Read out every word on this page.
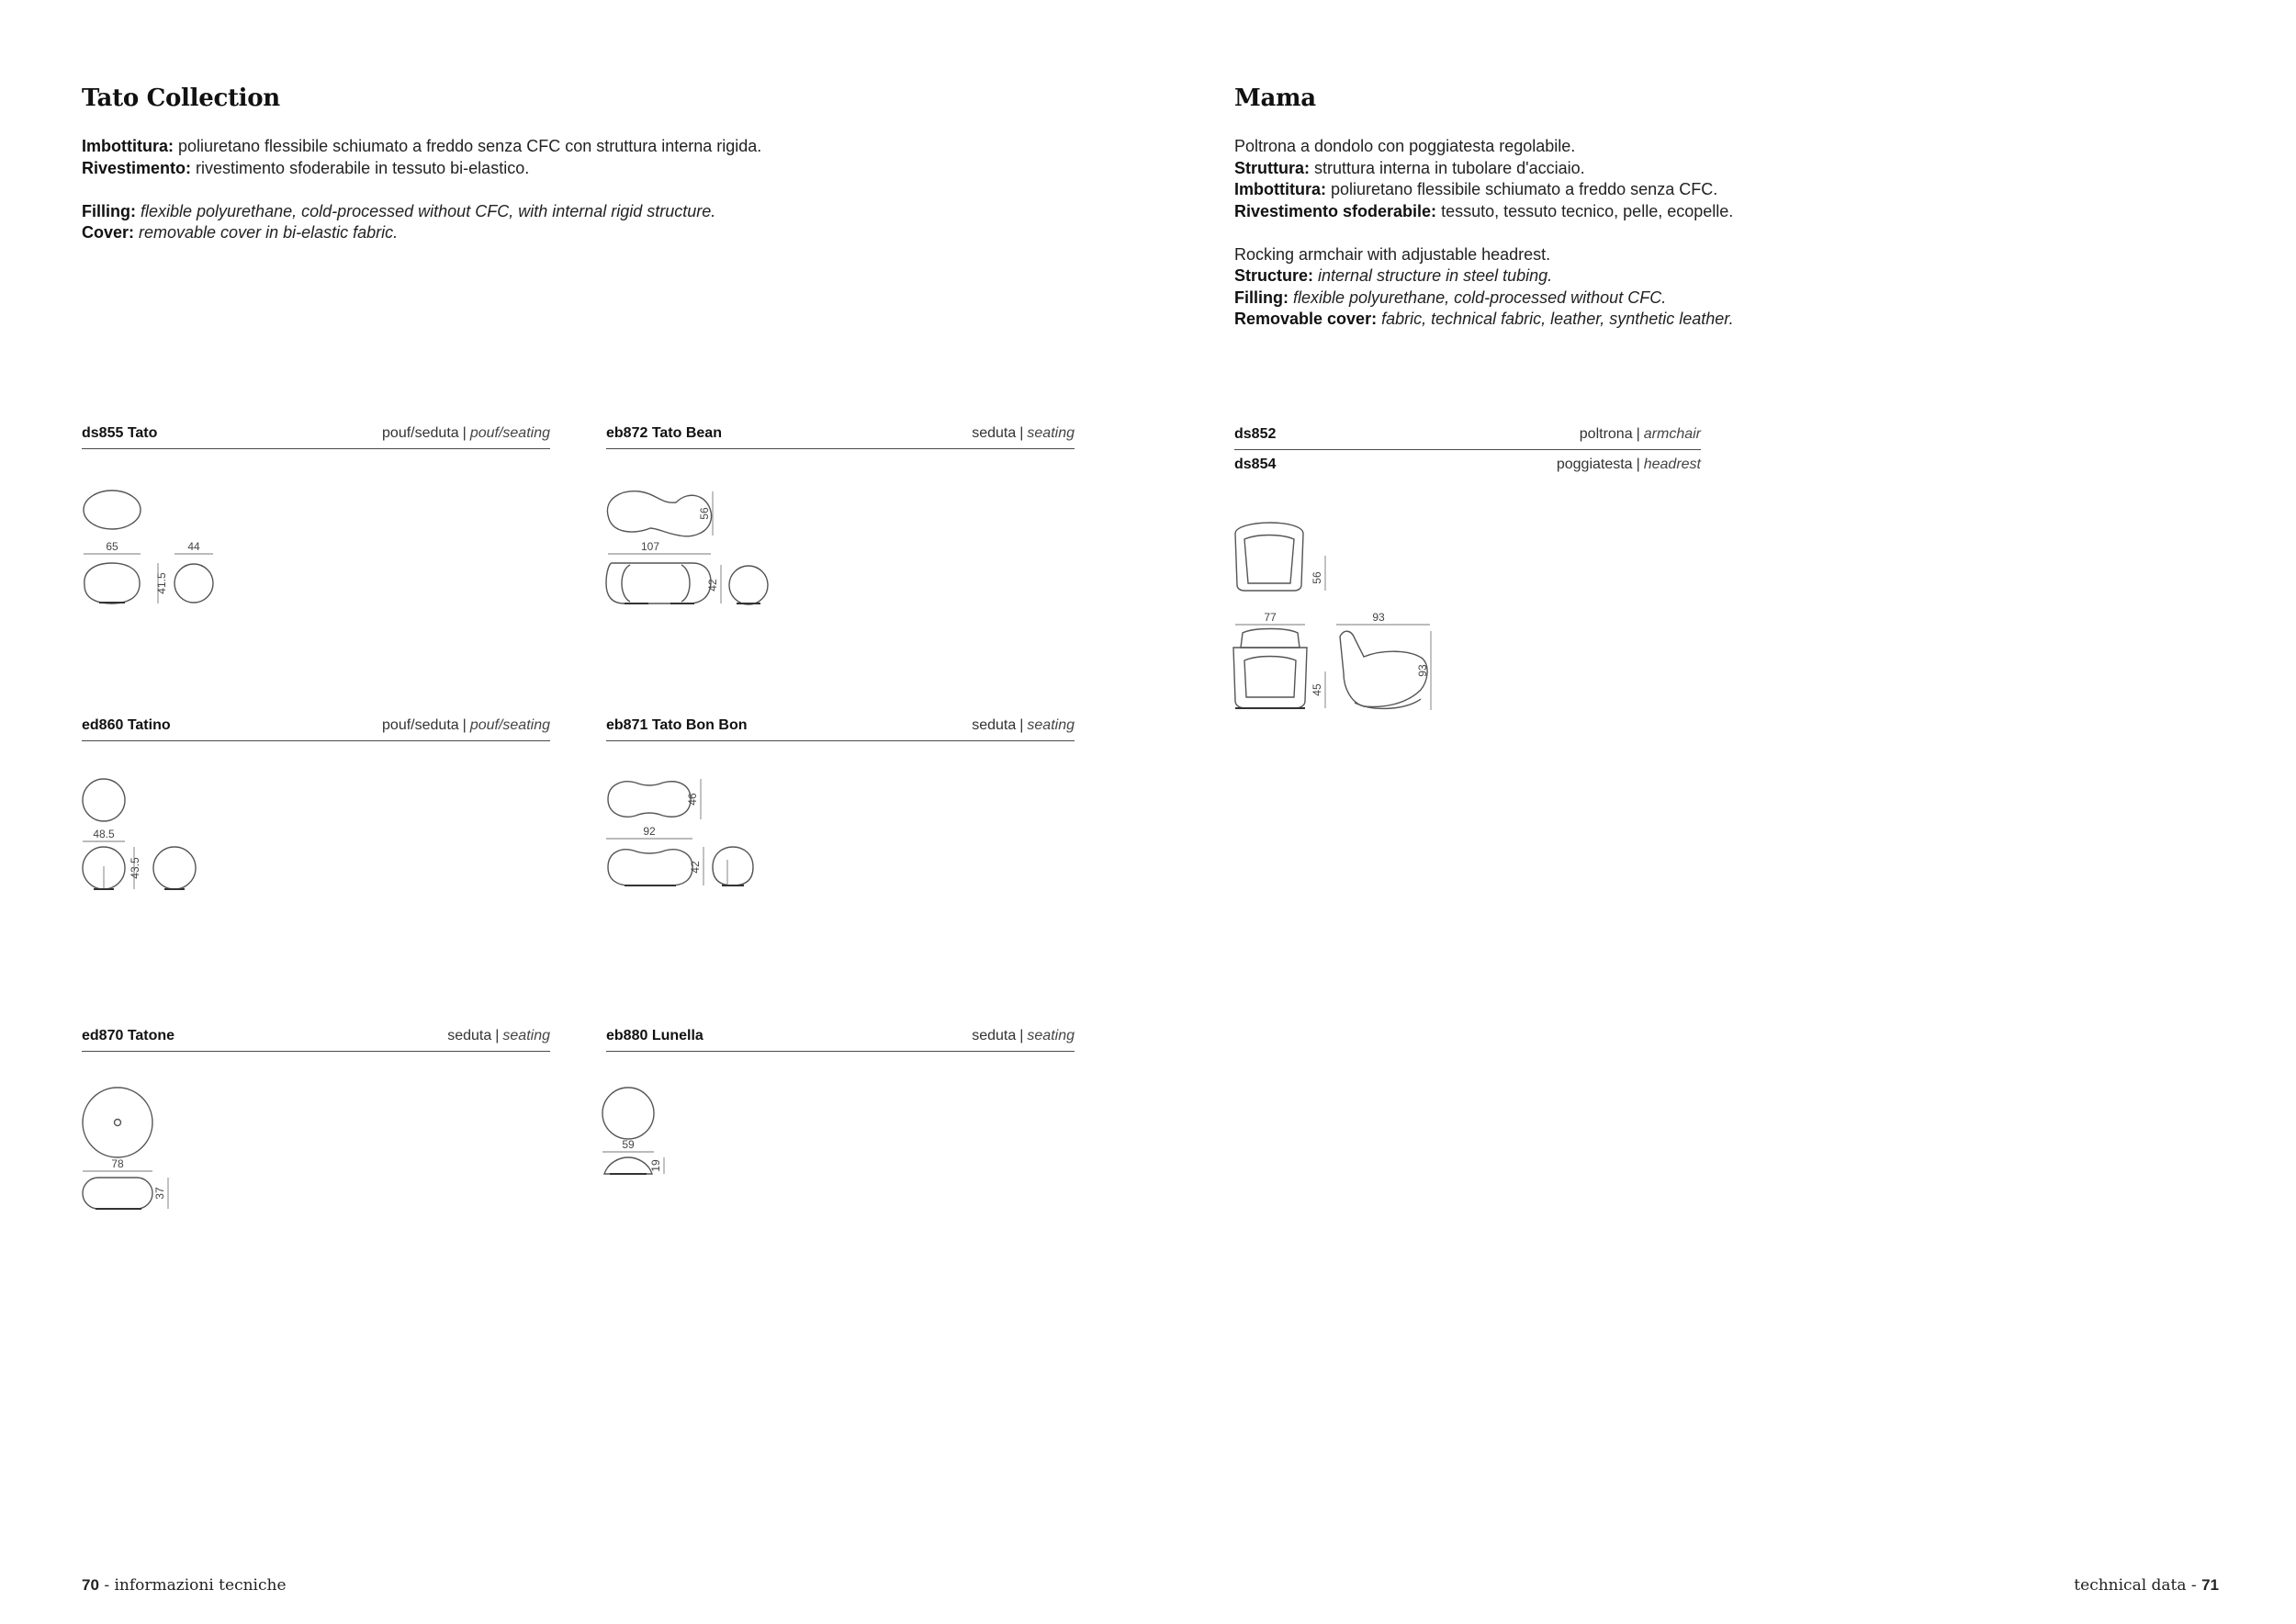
Tato Collection
Imbottitura: poliuretano flessibile schiumato a freddo senza CFC con struttura interna rigida.
Rivestimento: rivestimento sfoderabile in tessuto bi-elastico.
Filling: flexible polyurethane, cold-processed without CFC, with internal rigid structure.
Cover: removable cover in bi-elastic fabric.
ds855 Tato	pouf/seduta | pouf/seating	eb872 Tato Bean	seduta | seating
ed860 Tatino	pouf/seduta | pouf/seating	eb871 Tato Bon Bon	seduta | seating
ed870 Tatone	seduta | seating	eb880 Lunella	seduta | seating
65
41.5
44	107
56
42
48.5
43.5
92
46
42
78
37
59
19
Mama
Poltrona a dondolo con poggiatesta regolabile.
Struttura: struttura interna in tubolare d'acciaio.
Imbottitura: poliuretano flessibile schiumato a freddo senza CFC.
Rivestimento sfoderabile: tessuto, tessuto tecnico, pelle, ecopelle.
Rocking armchair with adjustable headrest.
Structure: internal structure in steel tubing.
Filling: flexible polyurethane, cold-processed without CFC.
Removable cover: fabric, technical fabric, leather, synthetic leather.
ds852	poltrona | armchair
ds854	poggiatesta | headrest
56
77
45
93
93
70 - informazioni tecniche	technical data - 71
